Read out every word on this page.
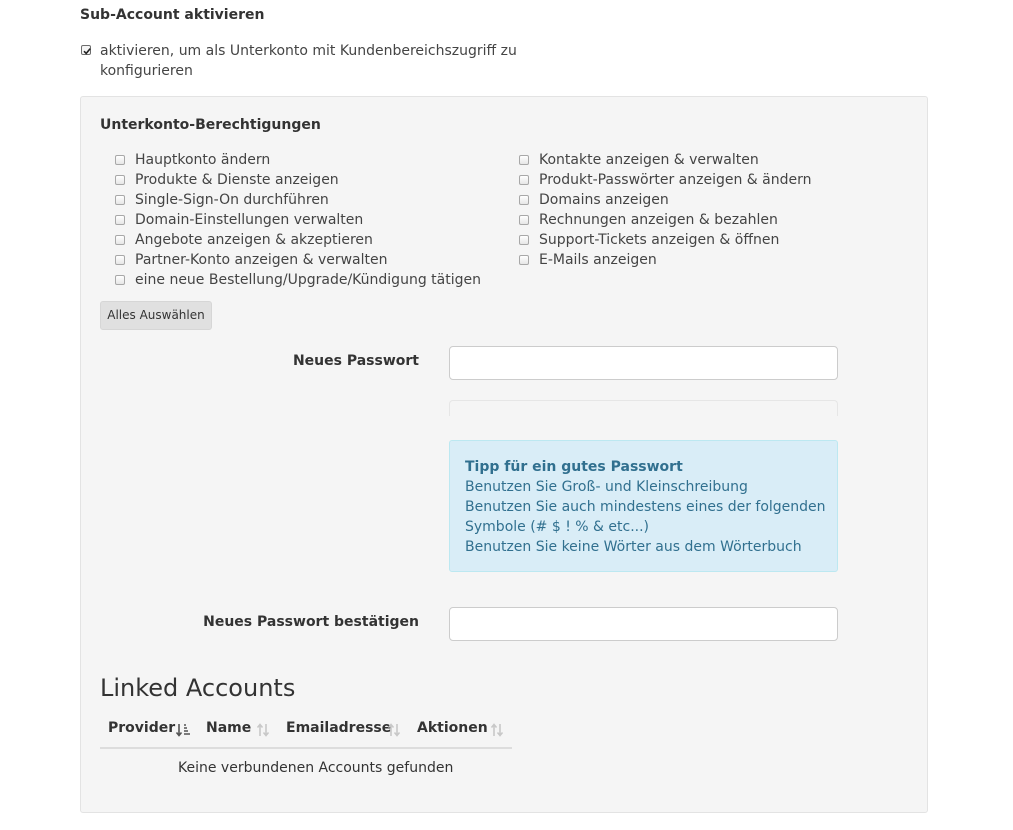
Sub-Account aktivieren
aktivieren, um als Unterkonto mit Kundenbereichszugriff zu
konfigurieren
Unterkonto-Berechtigungen
Hauptkonto ändern
Produkte & Dienste anzeigen
Single-Sign-On durchführen
Domain-Einstellungen verwalten
Angebote anzeigen & akzeptieren
Partner-Konto anzeigen & verwalten
eine neue Bestellung/Upgrade/Kündigung tätigen
Kontakte anzeigen & verwalten
Produkt-Passwörter anzeigen & ändern
Domains anzeigen
Rechnungen anzeigen & bezahlen
Support-Tickets anzeigen & öffnen
E-Mails anzeigen
Alles Auswählen
Neues Passwort
Tipp für ein gutes Passwort
Benutzen Sie Groß- und Kleinschreibung
Benutzen Sie auch mindestens eines der folgenden
Symbole (# $ ! % & etc...)
Benutzen Sie keine Wörter aus dem Wörterbuch
Neues Passwort bestätigen
Linked Accounts
Provider Name Emailadresse Aktionen
Keine verbundenen Accounts gefunden
